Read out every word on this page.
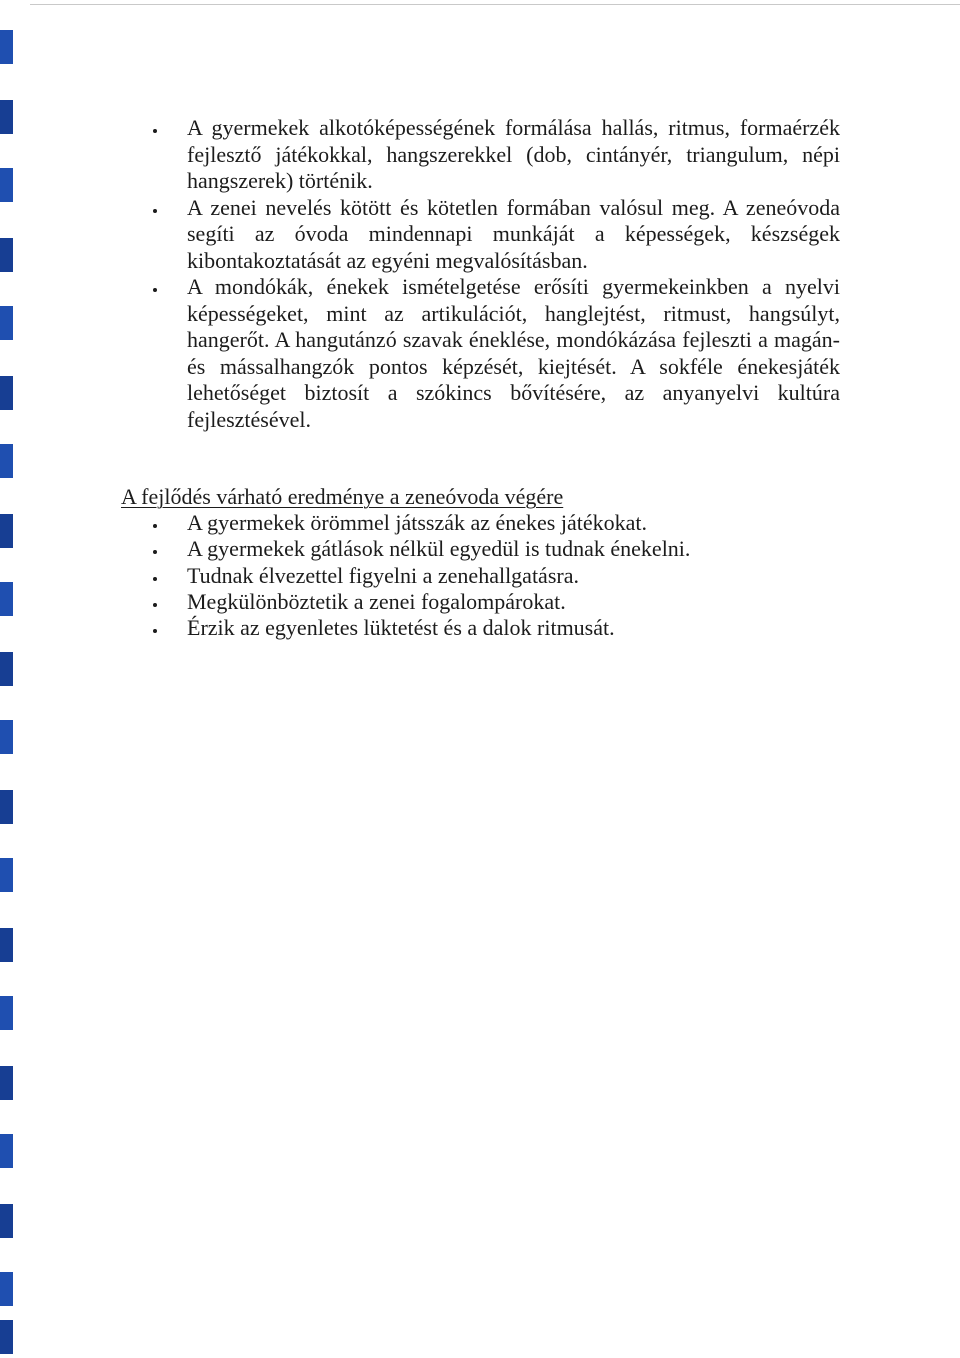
A gyermekek alkotóképességének formálása hallás, ritmus, formaérzék fejlesztő játékokkal, hangszerekkel (dob, cintányér, triangulum, népi hangszerek) történik.
A zenei nevelés kötött és kötetlen formában valósul meg. A zeneóvoda segíti az óvoda mindennapi munkáját a képességek, készségek kibontakoztatását az egyéni megvalósításban.
A mondókák, énekek ismételgetése erősíti gyermekeinkben a nyelvi képességeket, mint az artikulációt, hanglejtést, ritmust, hangsúlyt, hangerőt. A hangutánzó szavak éneklése, mondókázása fejleszti a magán- és mássalhangzók pontos képzését, kiejtését. A sokféle énekesjáték lehetőséget biztosít a szókincs bővítésére, az anyanyelvi kultúra fejlesztésével.
A fejlődés várható eredménye a zeneóvoda végére
A gyermekek örömmel játsszák az énekes játékokat.
A gyermekek gátlások nélkül egyedül is tudnak énekelni.
Tudnak élvezettel figyelni a zenehallgatásra.
Megkülönböztetik a zenei fogalompárokat.
Érzik az egyenletes lüktetést és a dalok ritmusát.
